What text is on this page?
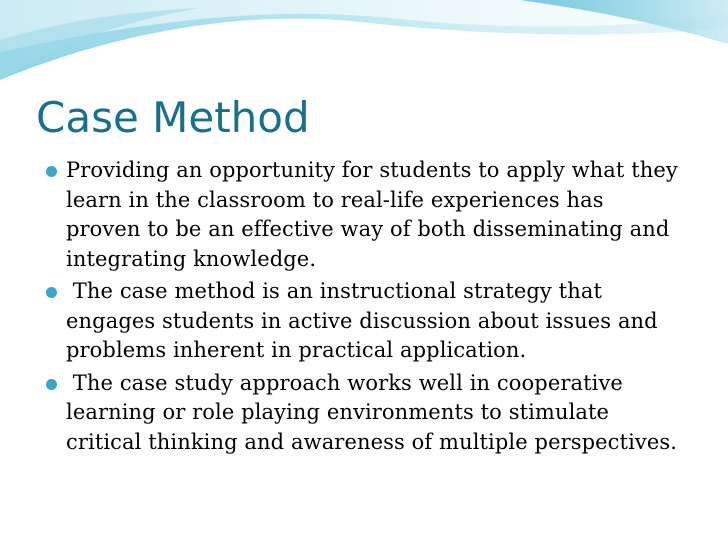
Case Method
Providing an opportunity for students to apply what they learn in the classroom to real-life experiences has proven to be an effective way of both disseminating and integrating knowledge.
The case method is an instructional strategy that engages students in active discussion about issues and problems inherent in practical application.
The case study approach works well in cooperative learning or role playing environments to stimulate critical thinking and awareness of multiple perspectives.
